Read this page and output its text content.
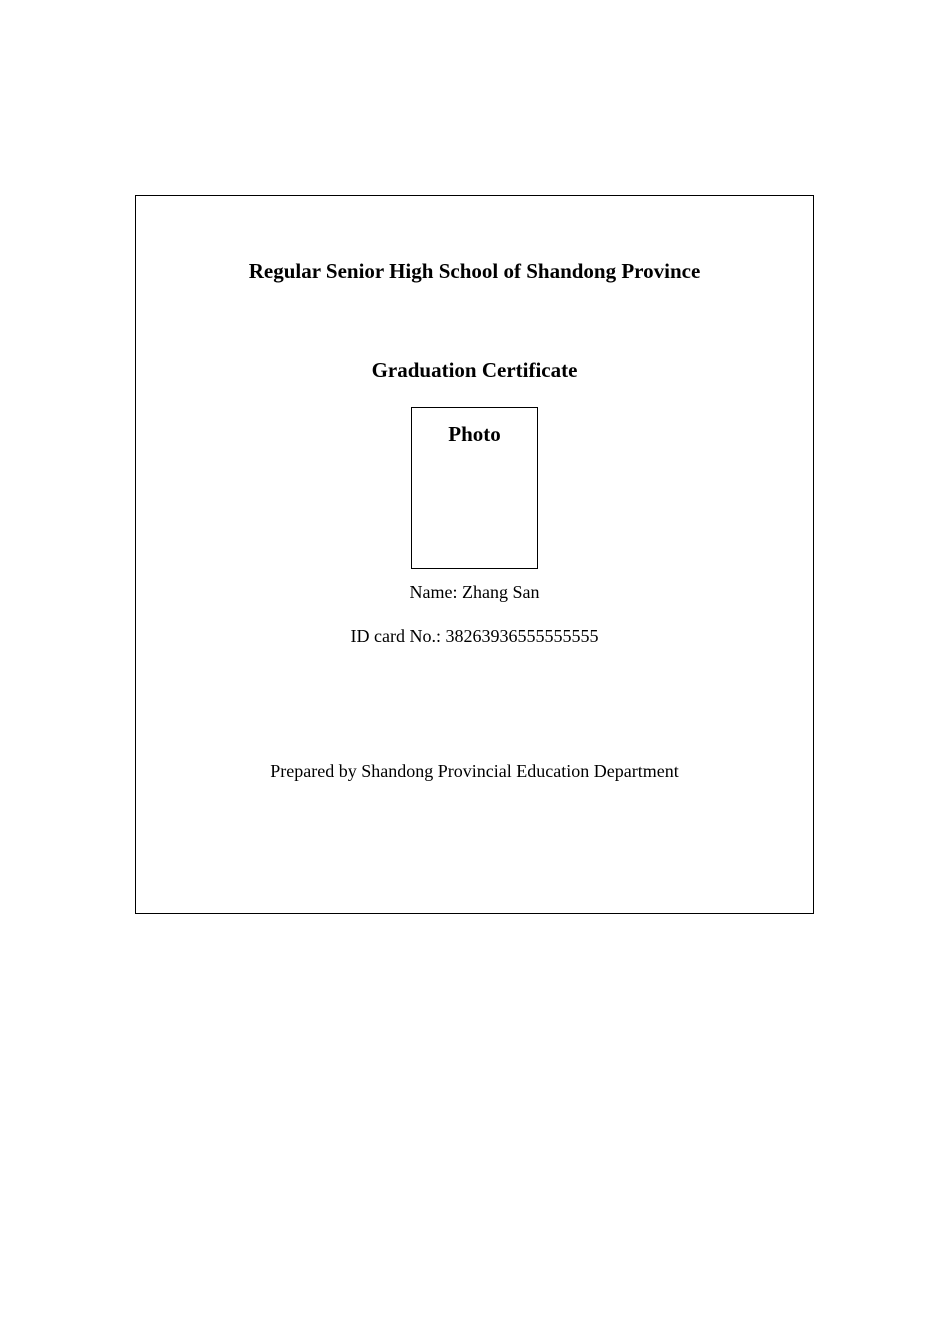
Regular Senior High School of Shandong Province
Graduation Certificate
Photo
Name: Zhang San
ID card No.: 38263936555555555
Prepared by Shandong Provincial Education Department
